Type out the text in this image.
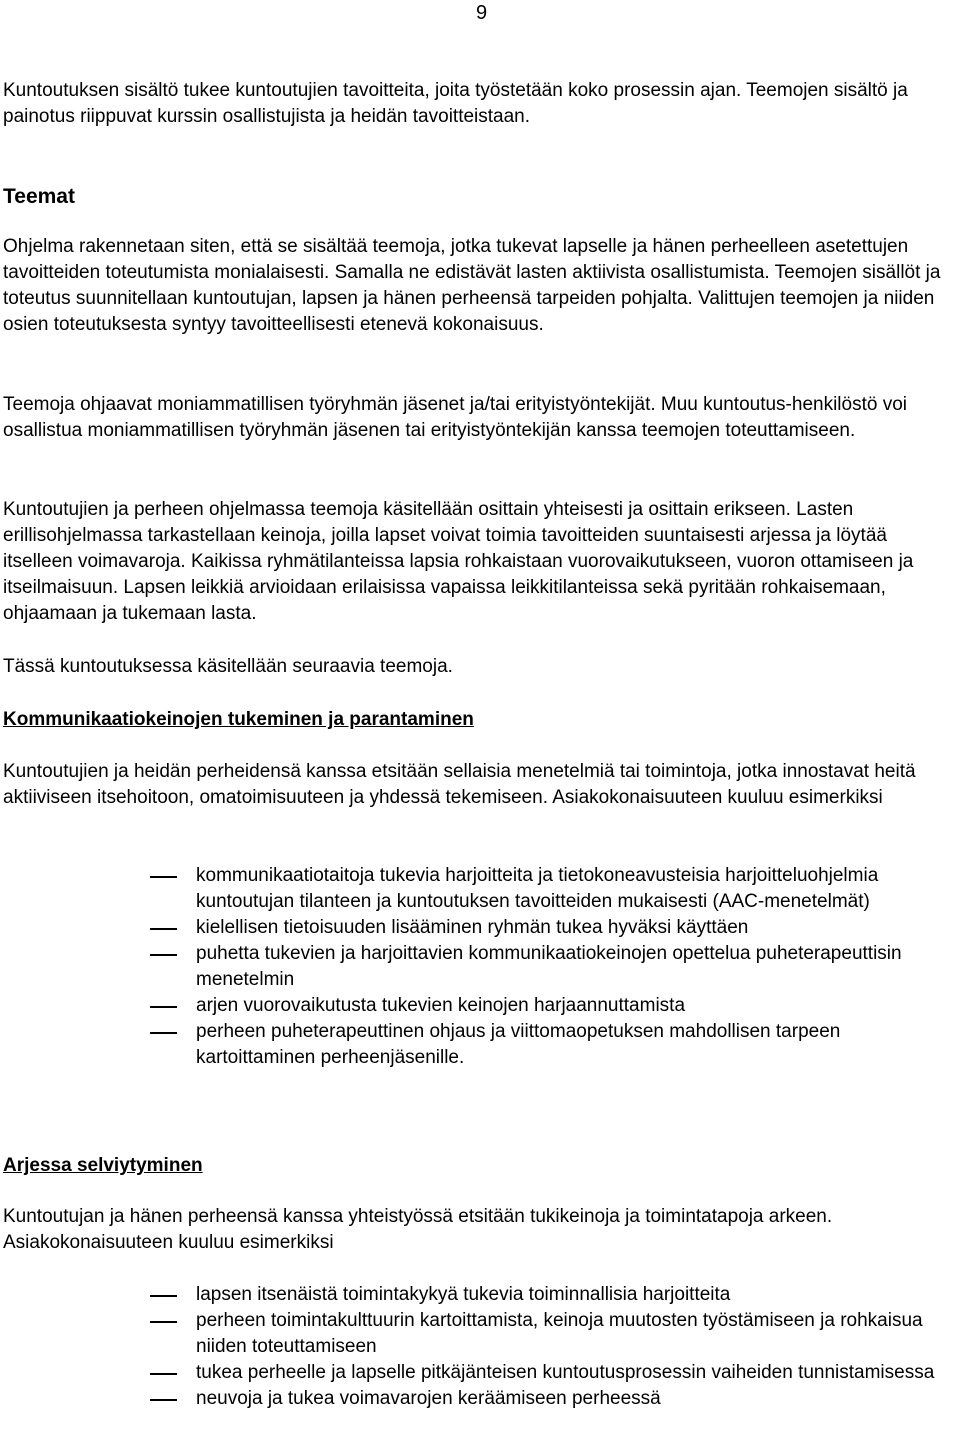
9

Kuntoutuksen sisältö tukee kuntoutujien tavoitteita, joita työstetään koko prosessin ajan. Teemojen sisältö ja painotus riippuvat kurssin osallistujista ja heidän tavoitteistaan.

Teemat

Ohjelma rakennetaan siten, että se sisältää teemoja, jotka tukevat lapselle ja hänen perheelleen asetettujen tavoitteiden toteutumista monialaisesti. Samalla ne edistävät lasten aktiivista osallistumista. Teemojen sisällöt ja toteutus suunnitellaan kuntoutujan, lapsen ja hänen perheensä tarpeiden pohjalta. Valittujen teemojen ja niiden osien toteutuksesta syntyy tavoitteellisesti etenevä kokonaisuus.

Teemoja ohjaavat moniammatillisen työryhmän jäsenet ja/tai erityistyöntekijät. Muu kuntoutus-henkilöstö voi osallistua moniammatillisen työryhmän jäsenen tai erityistyöntekijän kanssa teemojen toteuttamiseen.

Kuntoutujien ja perheen ohjelmassa teemoja käsitellään osittain yhteisesti ja osittain erikseen. Lasten erillisohjelmassa tarkastellaan keinoja, joilla lapset voivat toimia tavoitteiden suuntaisesti arjessa ja löytää itselleen voimavaroja. Kaikissa ryhmätilanteissa lapsia rohkaistaan vuorovaikutukseen, vuoron ottamiseen ja itseilmaisuun. Lapsen leikkiä arvioidaan erilaisissa vapaissa leikkitilanteissa sekä pyritään rohkaisemaan, ohjaamaan ja tukemaan lasta.

Tässä kuntoutuksessa käsitellään seuraavia teemoja.

Kommunikaatiokeinojen tukeminen ja parantaminen

Kuntoutujien ja heidän perheidensä kanssa etsitään sellaisia menetelmiä tai toimintoja, jotka innostavat heitä aktiiviseen itsehoitoon, omatoimisuuteen ja yhdessä tekemiseen. Asiakokonaisuuteen kuuluu esimerkiksi

kommunikaatiotaitoja tukevia harjoitteita ja tietokoneavusteisia harjoitteluohjelmia kuntoutujan tilanteen ja kuntoutuksen tavoitteiden mukaisesti (AAC-menetelmät)
kielellisen tietoisuuden lisääminen ryhmän tukea hyväksi käyttäen
puhetta tukevien ja harjoittavien kommunikaatiokeinojen opettelua puheterapeuttisin menetelmin
arjen vuorovaikutusta tukevien keinojen harjaannuttamista
perheen puheterapeuttinen ohjaus ja viittomaopetuksen mahdollisen tarpeen kartoittaminen perheenjäsenille.
Arjessa selviytyminen

Kuntoutujan ja hänen perheensä kanssa yhteistyössä etsitään tukikeinoja ja toimintatapoja arkeen. Asiakokonaisuuteen kuuluu esimerkiksi

lapsen itsenäistä toimintakykyä tukevia toiminnallisia harjoitteita
perheen toimintakulttuurin kartoittamista, keinoja muutosten työstämiseen ja rohkaisua niiden toteuttamiseen
tukea perheelle ja lapselle pitkäjänteisen kuntoutusprosessin vaiheiden tunnistamisessa
neuvoja ja tukea voimavarojen keräämiseen perheessä
